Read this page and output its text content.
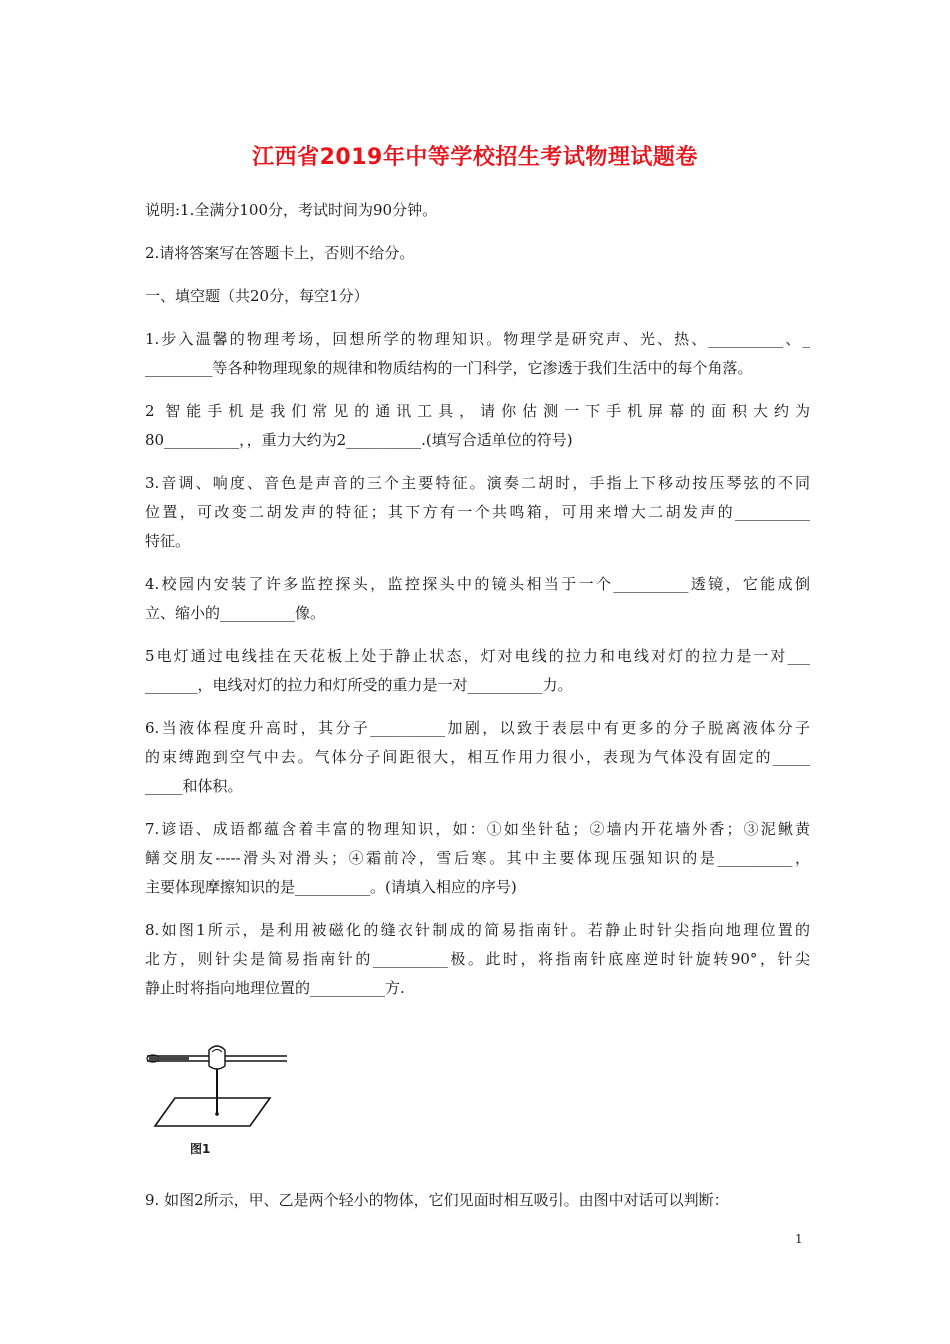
江西省2019年中等学校招生考试物理试题卷
说明:1.全满分100分，考试时间为90分钟。
2.请将答案写在答题卡上，否则不给分。
一、填空题（共20分，每空1分）
1.步入温馨的物理考场，回想所学的物理知识。物理学是研究声、光、热、__________、_
_________等各种物理现象的规律和物质结构的一门科学，它渗透于我们生活中的每个角落。
2 智能手机是我们常见的通讯工具，请你估测一下手机屏幕的面积大约为
80__________，，重力大约为2__________.(填写合适单位的符号)
3.音调、响度、音色是声音的三个主要特征。演奏二胡时，手指上下移动按压琴弦的不同
位置，可改变二胡发声的特征；其下方有一个共鸣箱，可用来增大二胡发声的__________
特征。
4.校园内安装了许多监控探头，监控探头中的镜头相当于一个__________透镜，它能成倒
立、缩小的__________像。
5电灯通过电线挂在天花板上处于静止状态，灯对电线的拉力和电线对灯的拉力是一对___
_______，电线对灯的拉力和灯所受的重力是一对__________力。
6.当液体程度升高时，其分子__________加剧，以致于表层中有更多的分子脱离液体分子
的束缚跑到空气中去。气体分子间距很大，相互作用力很小，表现为气体没有固定的_____
_____和体积。
7.谚语、成语都蕴含着丰富的物理知识，如：①如坐针毡；②墙内开花墙外香；③泥鳅黄
鳝交朋友-----滑头对滑头；④霜前冷，雪后寒。其中主要体现压强知识的是__________，
主要体现摩擦知识的是__________。(请填入相应的序号)
8.如图1所示，是利用被磁化的缝衣针制成的简易指南针。若静止时针尖指向地理位置的
北方，则针尖是简易指南针的__________极。此时，将指南针底座逆时针旋转90°，针尖
静止时将指向地理位置的__________方.
图1
9. 如图2所示，甲、乙是两个轻小的物体，它们见面时相互吸引。由图中对话可以判断：
1
